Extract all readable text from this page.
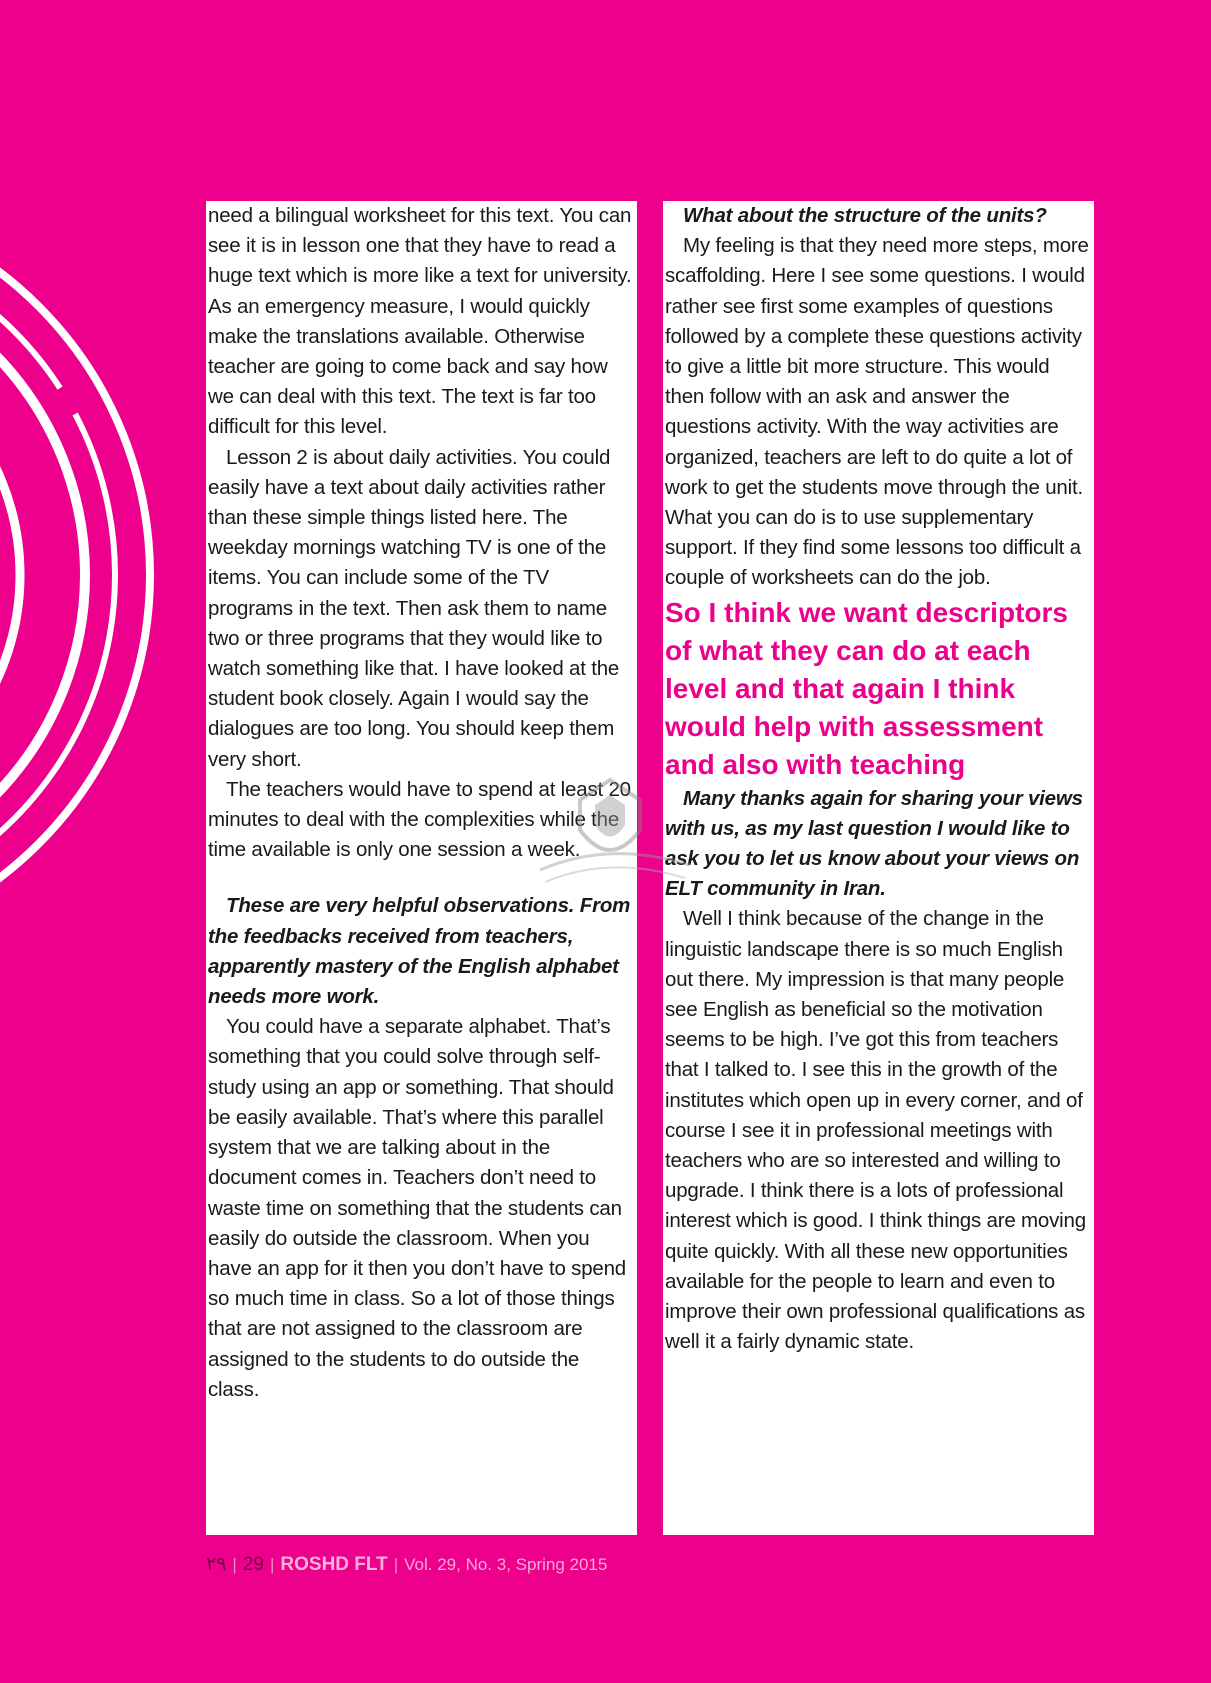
need a bilingual worksheet for this text. You can see it is in lesson one that they have to read a huge text which is more like a text for university. As an emergency measure, I would quickly make the translations available. Otherwise teacher are going to come back and say how we can deal with this text. The text is far too difficult for this level.

Lesson 2 is about daily activities. You could easily have a text about daily activities rather than these simple things listed here. The weekday mornings watching TV is one of the items. You can include some of the TV programs in the text. Then ask them to name two or three programs that they would like to watch something like that. I have looked at the student book closely. Again I would say the dialogues are too long. You should keep them very short.

The teachers would have to spend at least 20 minutes to deal with the complexities while the time available is only one session a week.

These are very helpful observations. From the feedbacks received from teachers, apparently mastery of the English alphabet needs more work.

You could have a separate alphabet. That’s something that you could solve through self-study using an app or something. That should be easily available. That’s where this parallel system that we are talking about in the document comes in. Teachers don’t need to waste time on something that the students can easily do outside the classroom. When you have an app for it then you don’t have to spend so much time in class. So a lot of those things that are not assigned to the classroom are assigned to the students to do outside the class.

What about the structure of the units?

My feeling is that they need more steps, more scaffolding. Here I see some questions. I would rather see first some examples of questions followed by a complete these questions activity to give a little bit more structure. This would then follow with an ask and answer the questions activity. With the way activities are organized, teachers are left to do quite a lot of work to get the students move through the unit. What you can do is to use supplementary support. If they find some lessons too difficult a couple of worksheets can do the job.

So I think we want descriptors of what they can do at each level and that again I think would help with assessment and also with teaching

Many thanks again for sharing your views with us, as my last question I would like to ask you to let us know about your views on ELT community in Iran.

Well I think because of the change in the linguistic landscape there is so much English out there. My impression is that many people see English as beneficial so the motivation seems to be high. I’ve got this from teachers that I talked to. I see this in the growth of the institutes which open up in every corner, and of course I see it in professional meetings with teachers who are so interested and willing to upgrade. I think there is a lots of professional interest which is good. I think things are moving quite quickly. With all these new opportunities available for the people to learn and even to improve their own professional qualifications as well it a fairly dynamic state.

۲۹ | 29 | ROSHD FLT | Vol. 29, No. 3, Spring 2015
